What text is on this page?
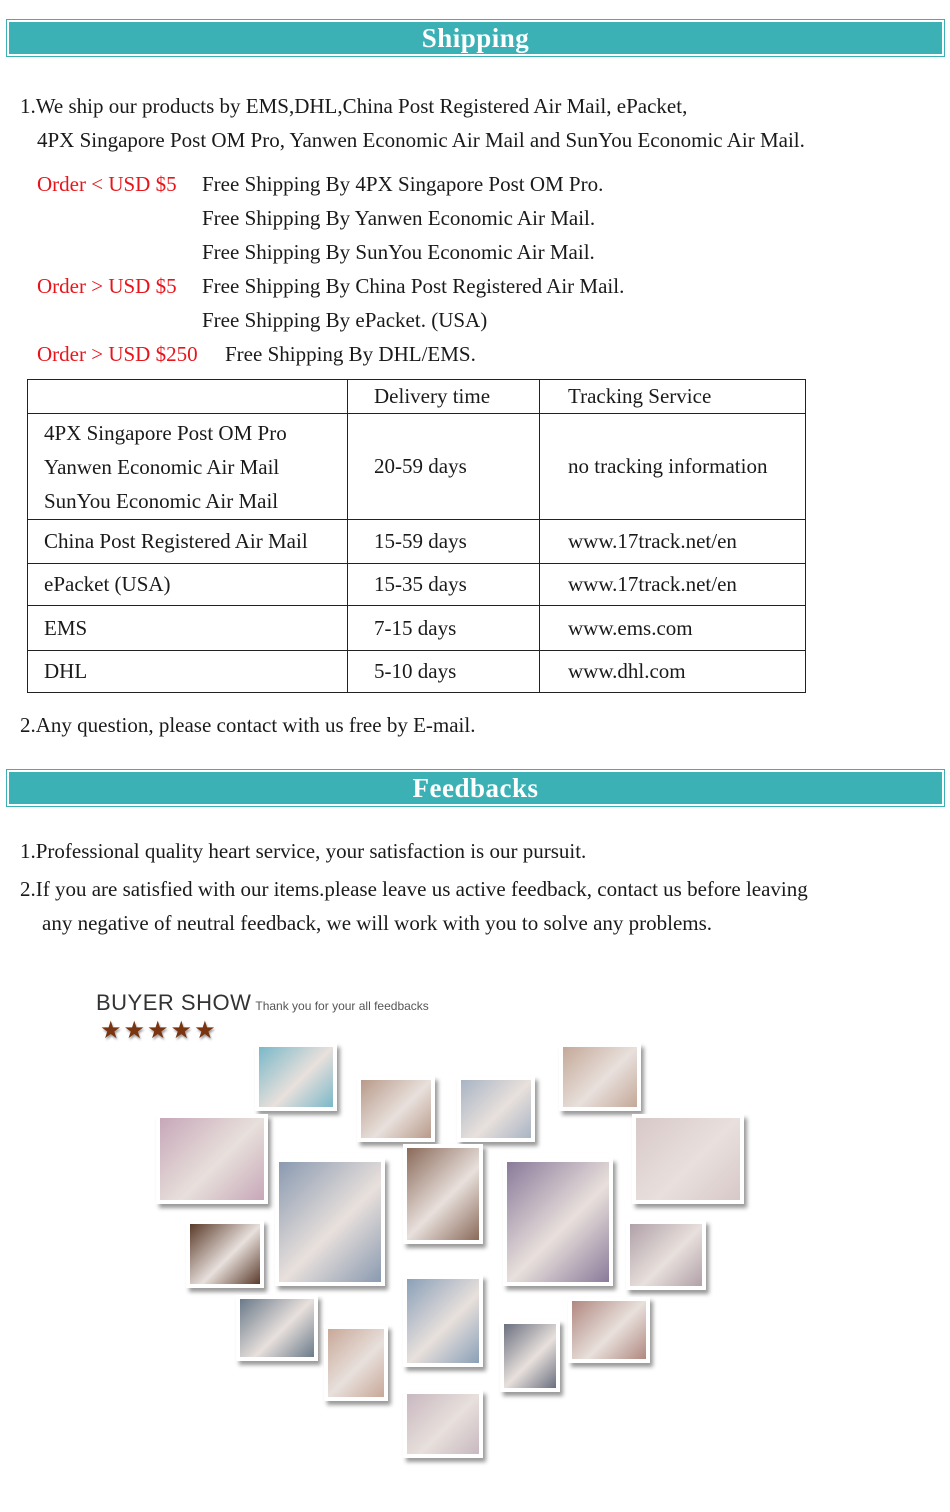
Shipping
1.We ship our products by EMS,DHL,China Post Registered Air Mail, ePacket,
4PX Singapore Post OM Pro, Yanwen Economic Air Mail and SunYou Economic Air Mail.
Order < USD $5 Free Shipping By 4PX Singapore Post OM Pro.
Free Shipping By Yanwen Economic Air Mail.
Free Shipping By SunYou Economic Air Mail.
Order > USD $5 Free Shipping By China Post Registered Air Mail.
Free Shipping By ePacket. (USA)
Order > USD $250 Free Shipping By DHL/EMS.
	Delivery time	Tracking Service

4PX Singapore Post OM Pro
Yanwen Economic Air Mail
SunYou Economic Air Mail	20-59 days	no tracking information
China Post Registered Air Mail	15-59 days	www.17track.net/en
ePacket (USA)	15-35 days	www.17track.net/en
EMS	7-15 days	www.ems.com
DHL	5-10 days	www.dhl.com
2.Any question, please contact with us free by E-mail.
Feedbacks
1.Professional quality heart service, your satisfaction is our pursuit.
2.If you are satisfied with our items.please leave us active feedback, contact us before leaving
any negative of neutral feedback, we will work with you to solve any problems.
BUYER SHOW Thank you for your all feedbacks
★★★★★
